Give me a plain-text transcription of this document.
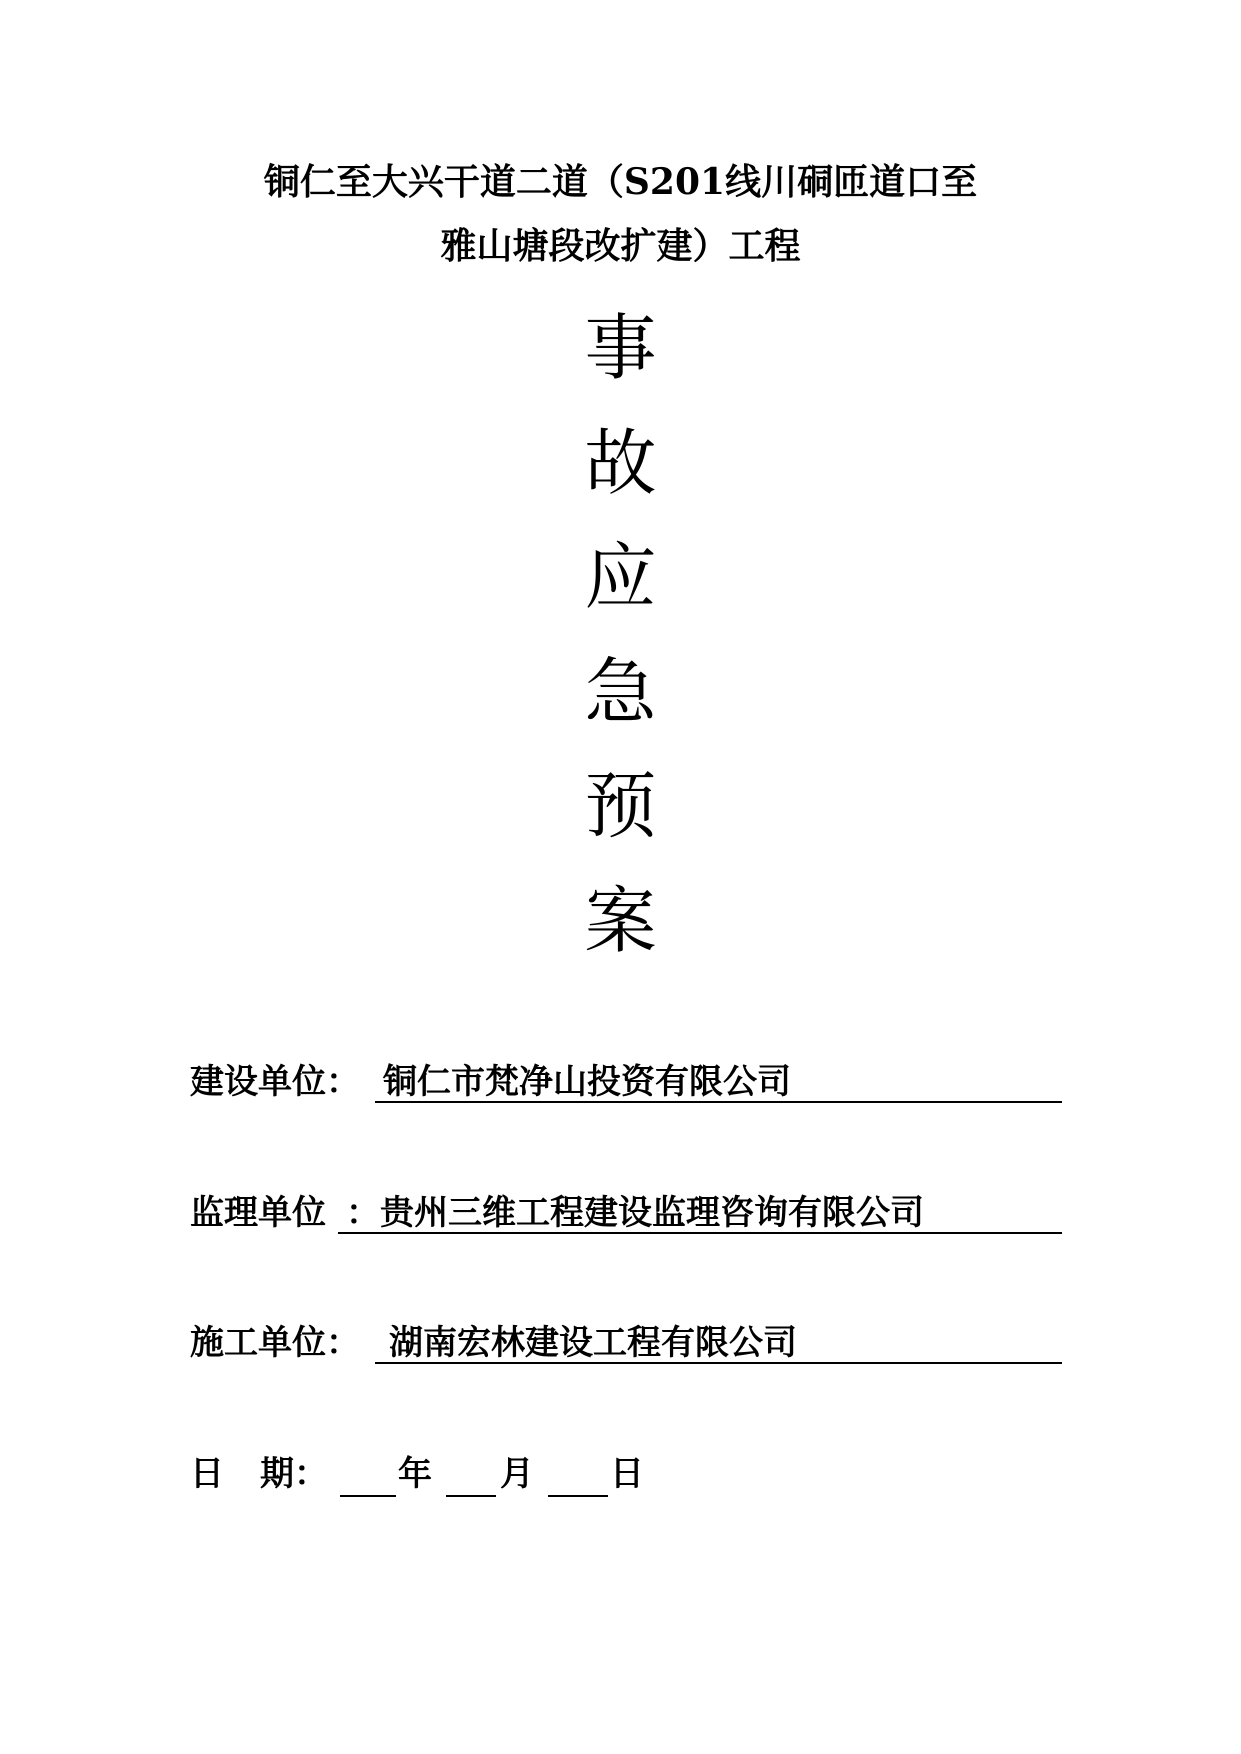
铜仁至大兴干道二道（S201线川硐匝道口至
雅山塘段改扩建）工程
事
故
应
急
预
案
建设单位： 铜仁市梵净山投资有限公司
监理单位 ：贵州三维工程建设监理咨询有限公司
施工单位： 湖南宏林建设工程有限公司
日 期： 年 月 日
